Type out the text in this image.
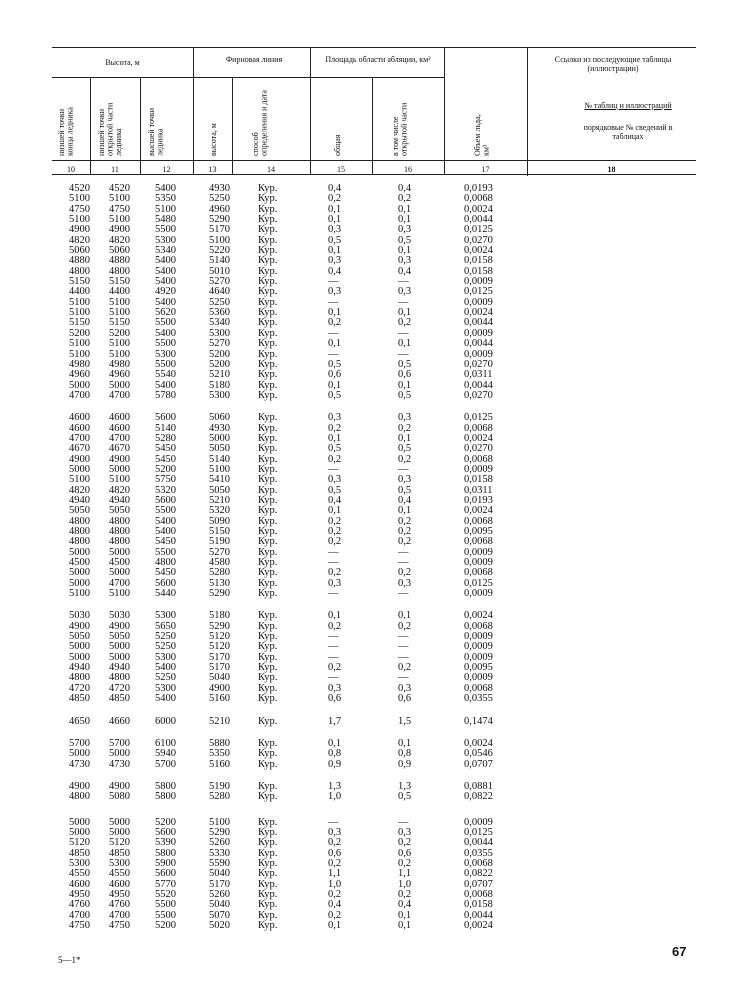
Высота, м	Фирновая линия	Площадь области абляции, км²	Ссылки из последующие таблицы (иллюстрации)
№ таблиц и иллюстраций
порядковые № сведений в таблицах
низшей точки конца ледника	низшей точки открытой части ледника	высшей точки ледника	высота, м	способ определения и дата	общая	в том числе открытой части	Объем льда, км³
10	11	12	13	14	15	16	17	18
4520	4520	5400	4930	Кур.	0,4	0,4	0,0193
5100	5100	5350	5250	Кур.	0,2	0,2	0,0068
4750	4750	5100	4960	Кур.	0,1	0,1	0,0024
5100	5100	5480	5290	Кур.	0,1	0,1	0,0044
4900	4900	5500	5170	Кур.	0,3	0,3	0,0125
4820	4820	5300	5100	Кур.	0,5	0,5	0,0270
5060	5060	5340	5220	Кур.	0,1	0,1	0,0024
4880	4880	5400	5140	Кур.	0,3	0,3	0,0158
4800	4800	5400	5010	Кур.	0,4	0,4	0,0158
5150	5150	5400	5270	Кур.	—	—	0,0009
4400	4400	4920	4640	Кур.	0,3	0,3	0,0125
5100	5100	5400	5250	Кур.	—	—	0,0009
5100	5100	5620	5360	Кур.	0,1	0,1	0,0024
5150	5150	5500	5340	Кур.	0,2	0,2	0,0044
5200	5200	5400	5300	Кур.	—	—	0,0009
5100	5100	5500	5270	Кур.	0,1	0,1	0,0044
5100	5100	5300	5200	Кур.	—	—	0,0009
4980	4980	5500	5200	Кур.	0,5	0,5	0,0270
4960	4960	5540	5210	Кур.	0,6	0,6	0,0311
5000	5000	5400	5180	Кур.	0,1	0,1	0,0044
4700	4700	5780	5300	Кур.	0,5	0,5	0,0270
4600	4600	5600	5060	Кур.	0,3	0,3	0,0125
4600	4600	5140	4930	Кур.	0,2	0,2	0,0068
4700	4700	5280	5000	Кур.	0,1	0,1	0,0024
4670	4670	5450	5050	Кур.	0,5	0,5	0,0270
4900	4900	5450	5140	Кур.	0,2	0,2	0,0068
5000	5000	5200	5100	Кур.	—	—	0,0009
5100	5100	5750	5410	Кур.	0,3	0,3	0,0158
4820	4820	5320	5050	Кур.	0,5	0,5	0,0311
4940	4940	5600	5210	Кур.	0,4	0,4	0,0193
5050	5050	5500	5320	Кур.	0,1	0,1	0,0024
4800	4800	5400	5090	Кур.	0,2	0,2	0,0068
4800	4800	5400	5150	Кур.	0,2	0,2	0,0095
4800	4800	5450	5190	Кур.	0,2	0,2	0,0068
5000	5000	5500	5270	Кур.	—	—	0,0009
4500	4500	4800	4580	Кур.	—	—	0,0009
5000	5000	5450	5280	Кур.	0,2	0,2	0,0068
5000	4700	5600	5130	Кур.	0,3	0,3	0,0125
5100	5100	5440	5290	Кур.	—	—	0,0009
5030	5030	5300	5180	Кур.	0,1	0,1	0,0024
4900	4900	5650	5290	Кур.	0,2	0,2	0,0068
5050	5050	5250	5120	Кур.	—	—	0,0009
5000	5000	5250	5120	Кур.	—	—	0,0009
5000	5000	5300	5170	Кур.	—	—	0,0009
4940	4940	5400	5170	Кур.	0,2	0,2	0,0095
4800	4800	5250	5040	Кур.	—	—	0,0009
4720	4720	5300	4900	Кур.	0,3	0,3	0,0068
4850	4850	5400	5160	Кур.	0,6	0,6	0,0355
4650	4660	6000	5210	Кур.	1,7	1,5	0,1474
5700	5700	6100	5880	Кур.	0,1	0,1	0,0024
5000	5000	5940	5350	Кур.	0,8	0,8	0,0546
4730	4730	5700	5160	Кур.	0,9	0,9	0,0707
4900	4900	5800	5190	Кур.	1,3	1,3	0,0881
4800	5080	5800	5280	Кур.	1,0	0,5	0,0822
5000	5000	5200	5100	Кур.	—	—	0,0009
5000	5000	5600	5290	Кур.	0,3	0,3	0,0125
5120	5120	5390	5260	Кур.	0,2	0,2	0,0044
4850	4850	5800	5330	Кур.	0,6	0,6	0,0355
5300	5300	5900	5590	Кур.	0,2	0,2	0,0068
4550	4550	5600	5040	Кур.	1,1	1,1	0,0822
4600	4600	5770	5170	Кур.	1,0	1,0	0,0707
4950	4950	5520	5260	Кур.	0,2	0,2	0,0068
4760	4760	5500	5040	Кур.	0,4	0,4	0,0158
4700	4700	5500	5070	Кур.	0,2	0,1	0,0044
4750	4750	5200	5020	Кур.	0,1	0,1	0,0024
5—1*
67
